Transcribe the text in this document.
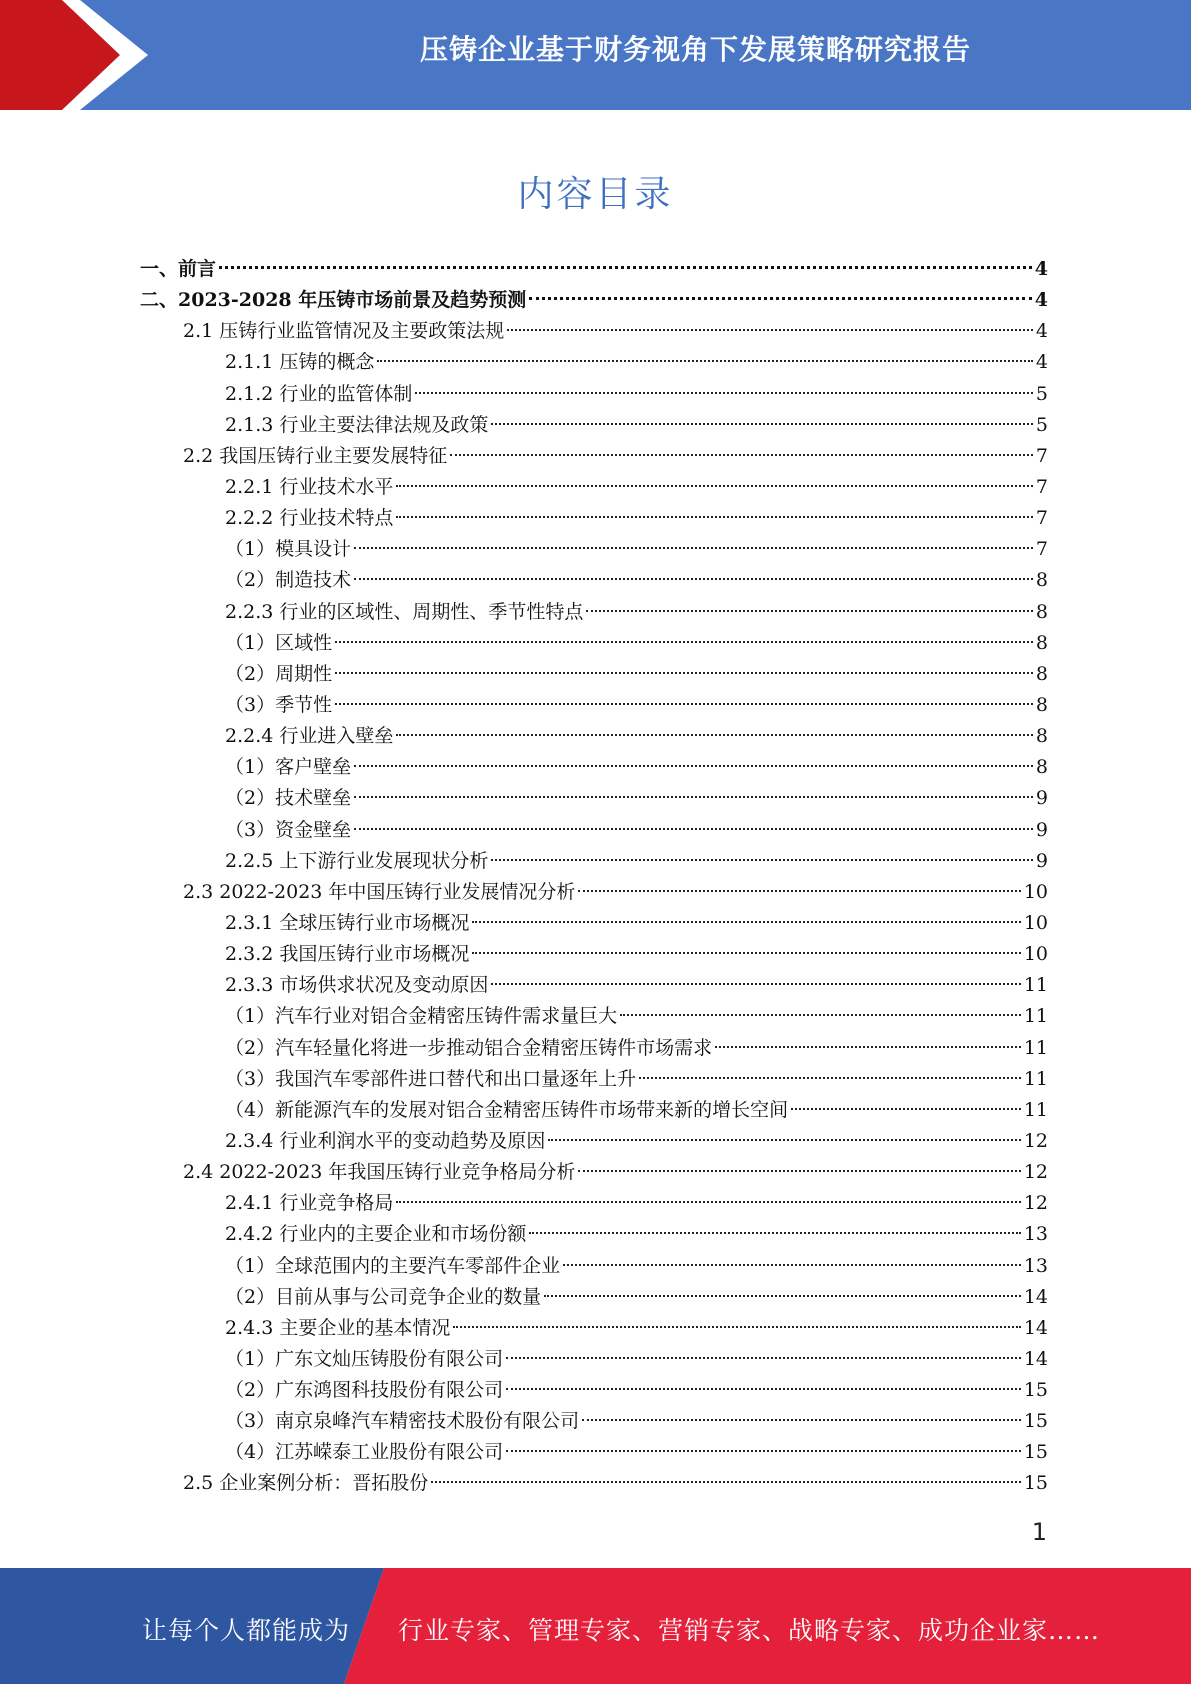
压铸企业基于财务视角下发展策略研究报告
内容目录
一、前言	4
二、2023-2028 年压铸市场前景及趋势预测	4
2.1 压铸行业监管情况及主要政策法规	4
2.1.1 压铸的概念	4
2.1.2 行业的监管体制	5
2.1.3 行业主要法律法规及政策	5
2.2 我国压铸行业主要发展特征	7
2.2.1 行业技术水平	7
2.2.2 行业技术特点	7
（1）模具设计	7
（2）制造技术	8
2.2.3 行业的区域性、周期性、季节性特点	8
（1）区域性	8
（2）周期性	8
（3）季节性	8
2.2.4 行业进入壁垒	8
（1）客户壁垒	8
（2）技术壁垒	9
（3）资金壁垒	9
2.2.5 上下游行业发展现状分析	9
2.3 2022-2023 年中国压铸行业发展情况分析	10
2.3.1 全球压铸行业市场概况	10
2.3.2 我国压铸行业市场概况	10
2.3.3 市场供求状况及变动原因	11
（1）汽车行业对铝合金精密压铸件需求量巨大	11
（2）汽车轻量化将进一步推动铝合金精密压铸件市场需求	11
（3）我国汽车零部件进口替代和出口量逐年上升	11
（4）新能源汽车的发展对铝合金精密压铸件市场带来新的增长空间	11
2.3.4 行业利润水平的变动趋势及原因	12
2.4 2022-2023 年我国压铸行业竞争格局分析	12
2.4.1 行业竞争格局	12
2.4.2 行业内的主要企业和市场份额	13
（1）全球范围内的主要汽车零部件企业	13
（2）目前从事与公司竞争企业的数量	14
2.4.3 主要企业的基本情况	14
（1）广东文灿压铸股份有限公司	14
（2）广东鸿图科技股份有限公司	15
（3）南京泉峰汽车精密技术股份有限公司	15
（4）江苏嵘泰工业股份有限公司	15
2.5 企业案例分析：晋拓股份	15
1
让每个人都能成为 行业专家、管理专家、营销专家、战略专家、成功企业家……
